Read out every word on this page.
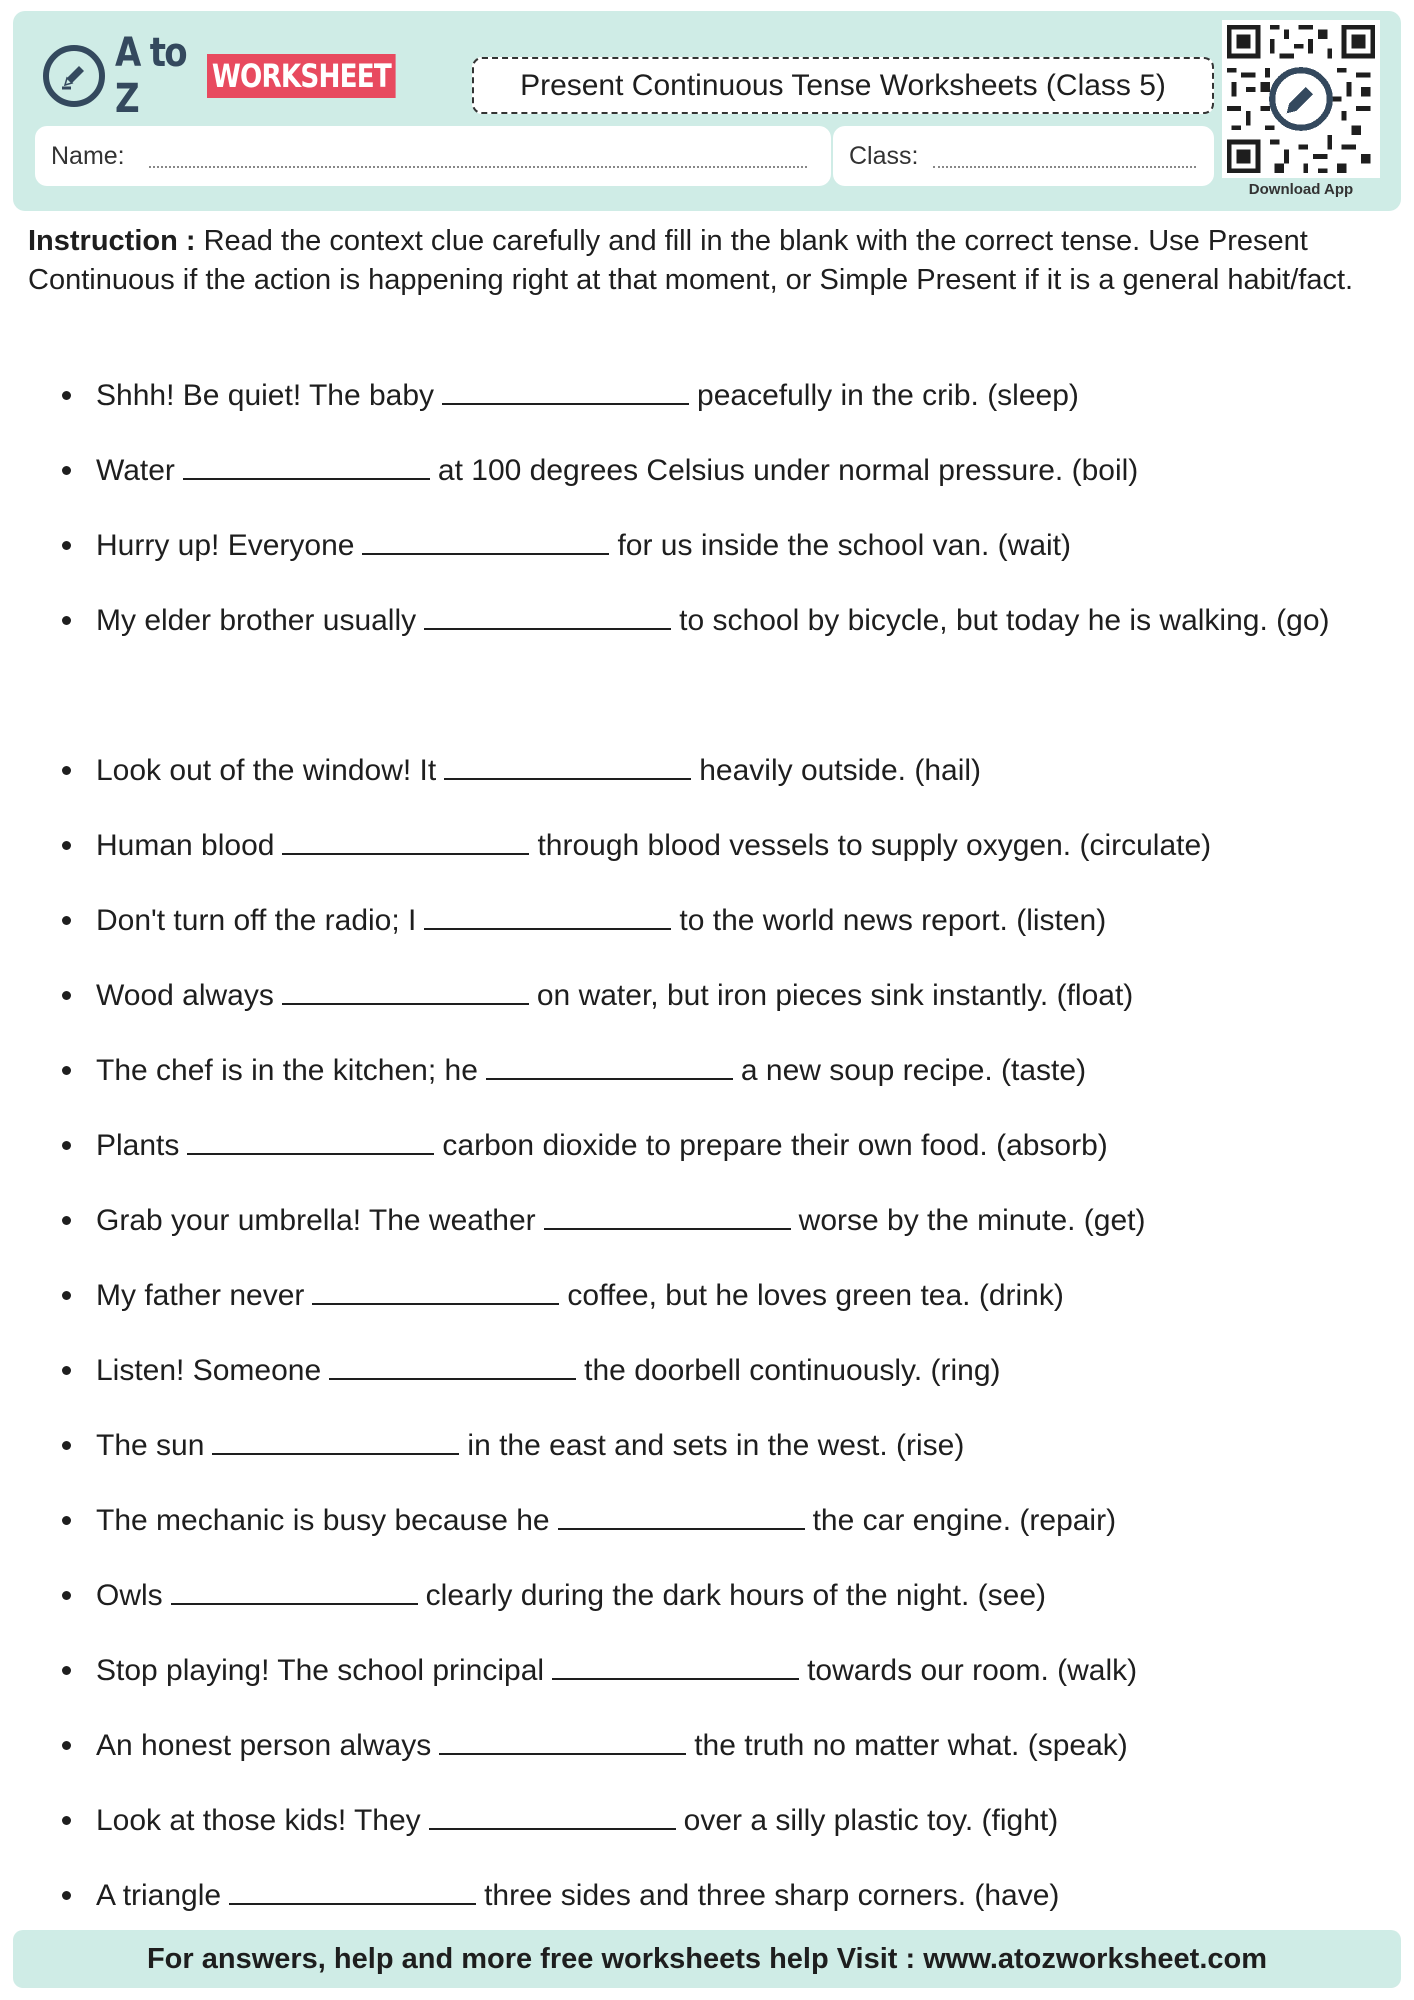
A to Z	WORKSHEET	Present Continuous Tense Worksheets (Class 5)
Name:	Class:
Download App
Instruction : Read the context clue carefully and fill in the blank with the correct tense. Use Present Continuous if the action is happening right at that moment, or Simple Present if it is a general habit/fact.
Shhh! Be quiet! The baby	peacefully in the crib. (sleep)
Water	at 100 degrees Celsius under normal pressure. (boil)
Hurry up! Everyone	for us inside the school van. (wait)
My elder brother usually	to school by bicycle, but today he is walking. (go)
Look out of the window! It	heavily outside. (hail)
Human blood	through blood vessels to supply oxygen. (circulate)
Don't turn off the radio; I	to the world news report. (listen)
Wood always	on water, but iron pieces sink instantly. (float)
The chef is in the kitchen; he	a new soup recipe. (taste)
Plants	carbon dioxide to prepare their own food. (absorb)
Grab your umbrella! The weather	worse by the minute. (get)
My father never	coffee, but he loves green tea. (drink)
Listen! Someone	the doorbell continuously. (ring)
The sun	in the east and sets in the west. (rise)
The mechanic is busy because he	the car engine. (repair)
Owls	clearly during the dark hours of the night. (see)
Stop playing! The school principal	towards our room. (walk)
An honest person always	the truth no matter what. (speak)
Look at those kids! They	over a silly plastic toy. (fight)
A triangle	three sides and three sharp corners. (have)
For answers, help and more free worksheets help Visit : www.atozworksheet.com
